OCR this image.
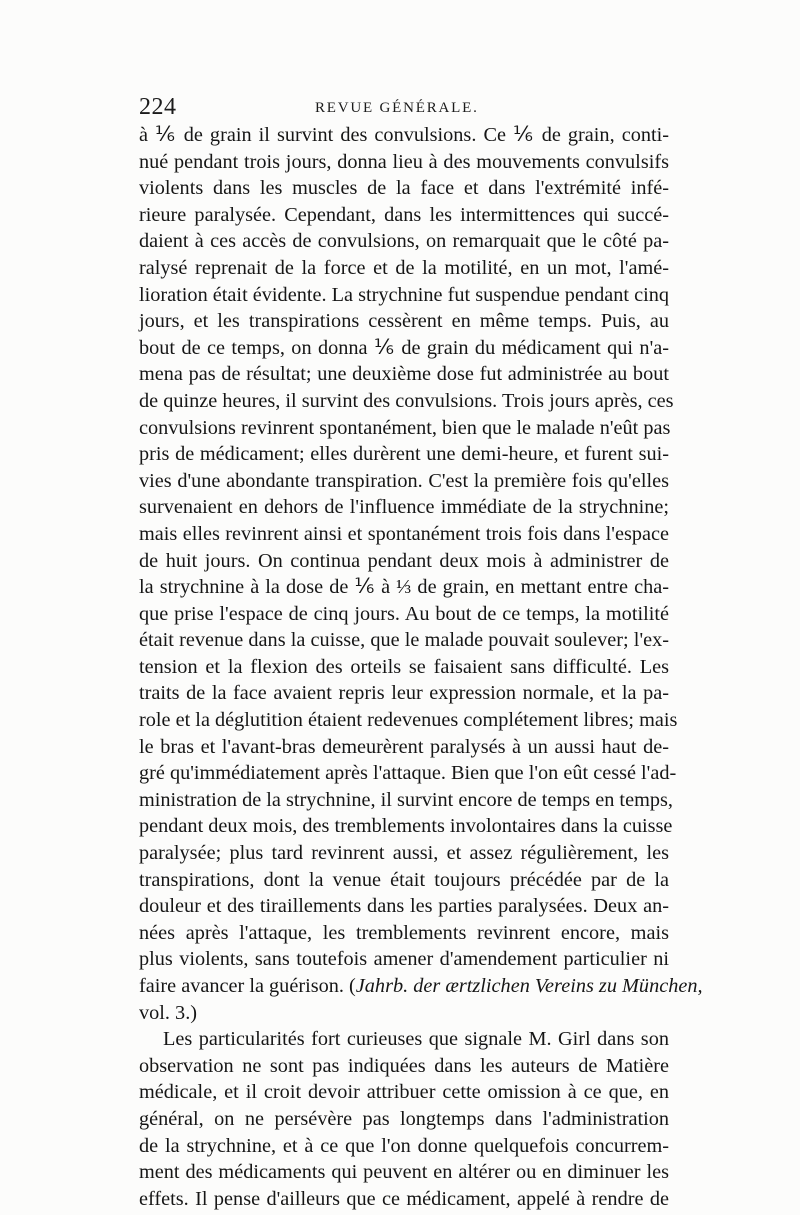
224	REVUE GÉNÉRALE.
à ⅙ de grain il survint des convulsions. Ce ⅙ de grain, conti-
nué pendant trois jours, donna lieu à des mouvements convulsifs
violents dans les muscles de la face et dans l'extrémité infé-
rieure paralysée. Cependant, dans les intermittences qui succé-
daient à ces accès de convulsions, on remarquait que le côté pa-
ralysé reprenait de la force et de la motilité, en un mot, l'amé-
lioration était évidente. La strychnine fut suspendue pendant cinq
jours, et les transpirations cessèrent en même temps. Puis, au
bout de ce temps, on donna ⅙ de grain du médicament qui n'a-
mena pas de résultat; une deuxième dose fut administrée au bout
de quinze heures, il survint des convulsions. Trois jours après, ces
convulsions revinrent spontanément, bien que le malade n'eût pas
pris de médicament; elles durèrent une demi-heure, et furent sui-
vies d'une abondante transpiration. C'est la première fois qu'elles
survenaient en dehors de l'influence immédiate de la strychnine;
mais elles revinrent ainsi et spontanément trois fois dans l'espace
de huit jours. On continua pendant deux mois à administrer de
la strychnine à la dose de ⅙ à ⅓ de grain, en mettant entre cha-
que prise l'espace de cinq jours. Au bout de ce temps, la motilité
était revenue dans la cuisse, que le malade pouvait soulever; l'ex-
tension et la flexion des orteils se faisaient sans difficulté. Les
traits de la face avaient repris leur expression normale, et la pa-
role et la déglutition étaient redevenues complétement libres; mais
le bras et l'avant-bras demeurèrent paralysés à un aussi haut de-
gré qu'immédiatement après l'attaque. Bien que l'on eût cessé l'ad-
ministration de la strychnine, il survint encore de temps en temps,
pendant deux mois, des tremblements involontaires dans la cuisse
paralysée; plus tard revinrent aussi, et assez régulièrement, les
transpirations, dont la venue était toujours précédée par de la
douleur et des tiraillements dans les parties paralysées. Deux an-
nées après l'attaque, les tremblements revinrent encore, mais
plus violents, sans toutefois amener d'amendement particulier ni
faire avancer la guérison. (Jahrb. der ærtzlichen Vereins zu München,
vol. 3.)
Les particularités fort curieuses que signale M. Girl dans son
observation ne sont pas indiquées dans les auteurs de Matière
médicale, et il croit devoir attribuer cette omission à ce que, en
général, on ne persévère pas longtemps dans l'administration
de la strychnine, et à ce que l'on donne quelquefois concurrem-
ment des médicaments qui peuvent en altérer ou en diminuer les
effets. Il pense d'ailleurs que ce médicament, appelé à rendre de
